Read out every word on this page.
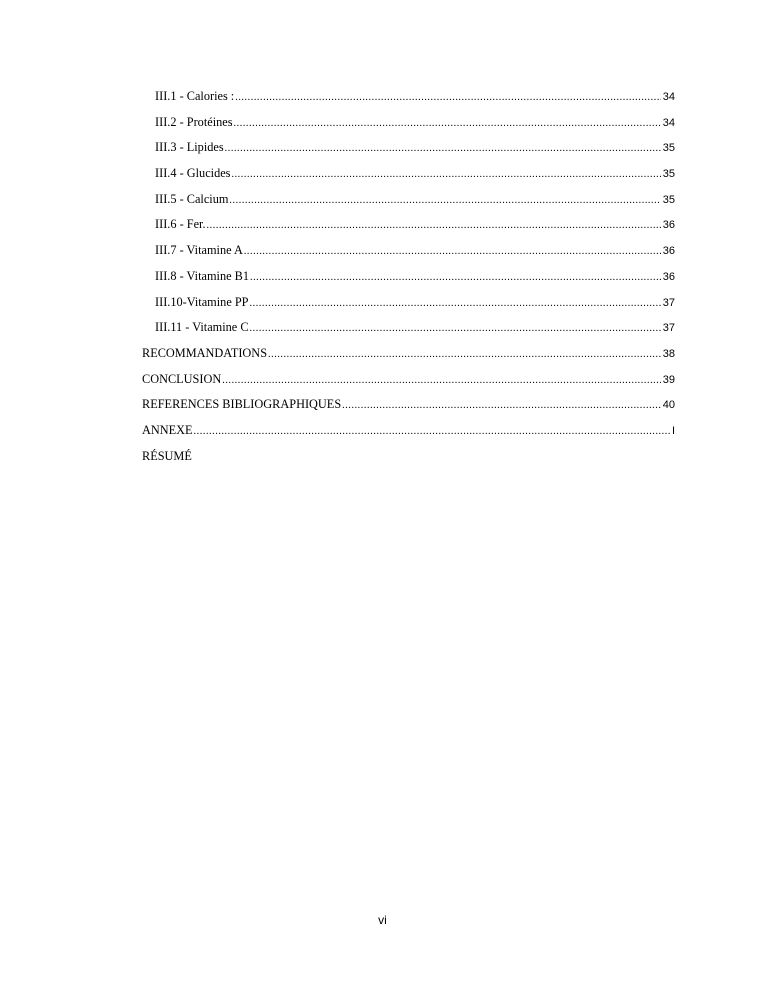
III.1 - Calories : .....	34
III.2 - Protéines .....	34
III.3 - Lipides .....	35
III.4 - Glucides .....	35
III.5 - Calcium .....	35
III.6 - Fer. .....	36
III.7 - Vitamine A .....	36
III.8 - Vitamine B1 .....	36
III.10-Vitamine PP .....	37
III.11 - Vitamine C .....	37
RECOMMANDATIONS .....	38
CONCLUSION .....	39
REFERENCES BIBLIOGRAPHIQUES .....	40
ANNEXE .....	I
RÉSUMÉ
vi
